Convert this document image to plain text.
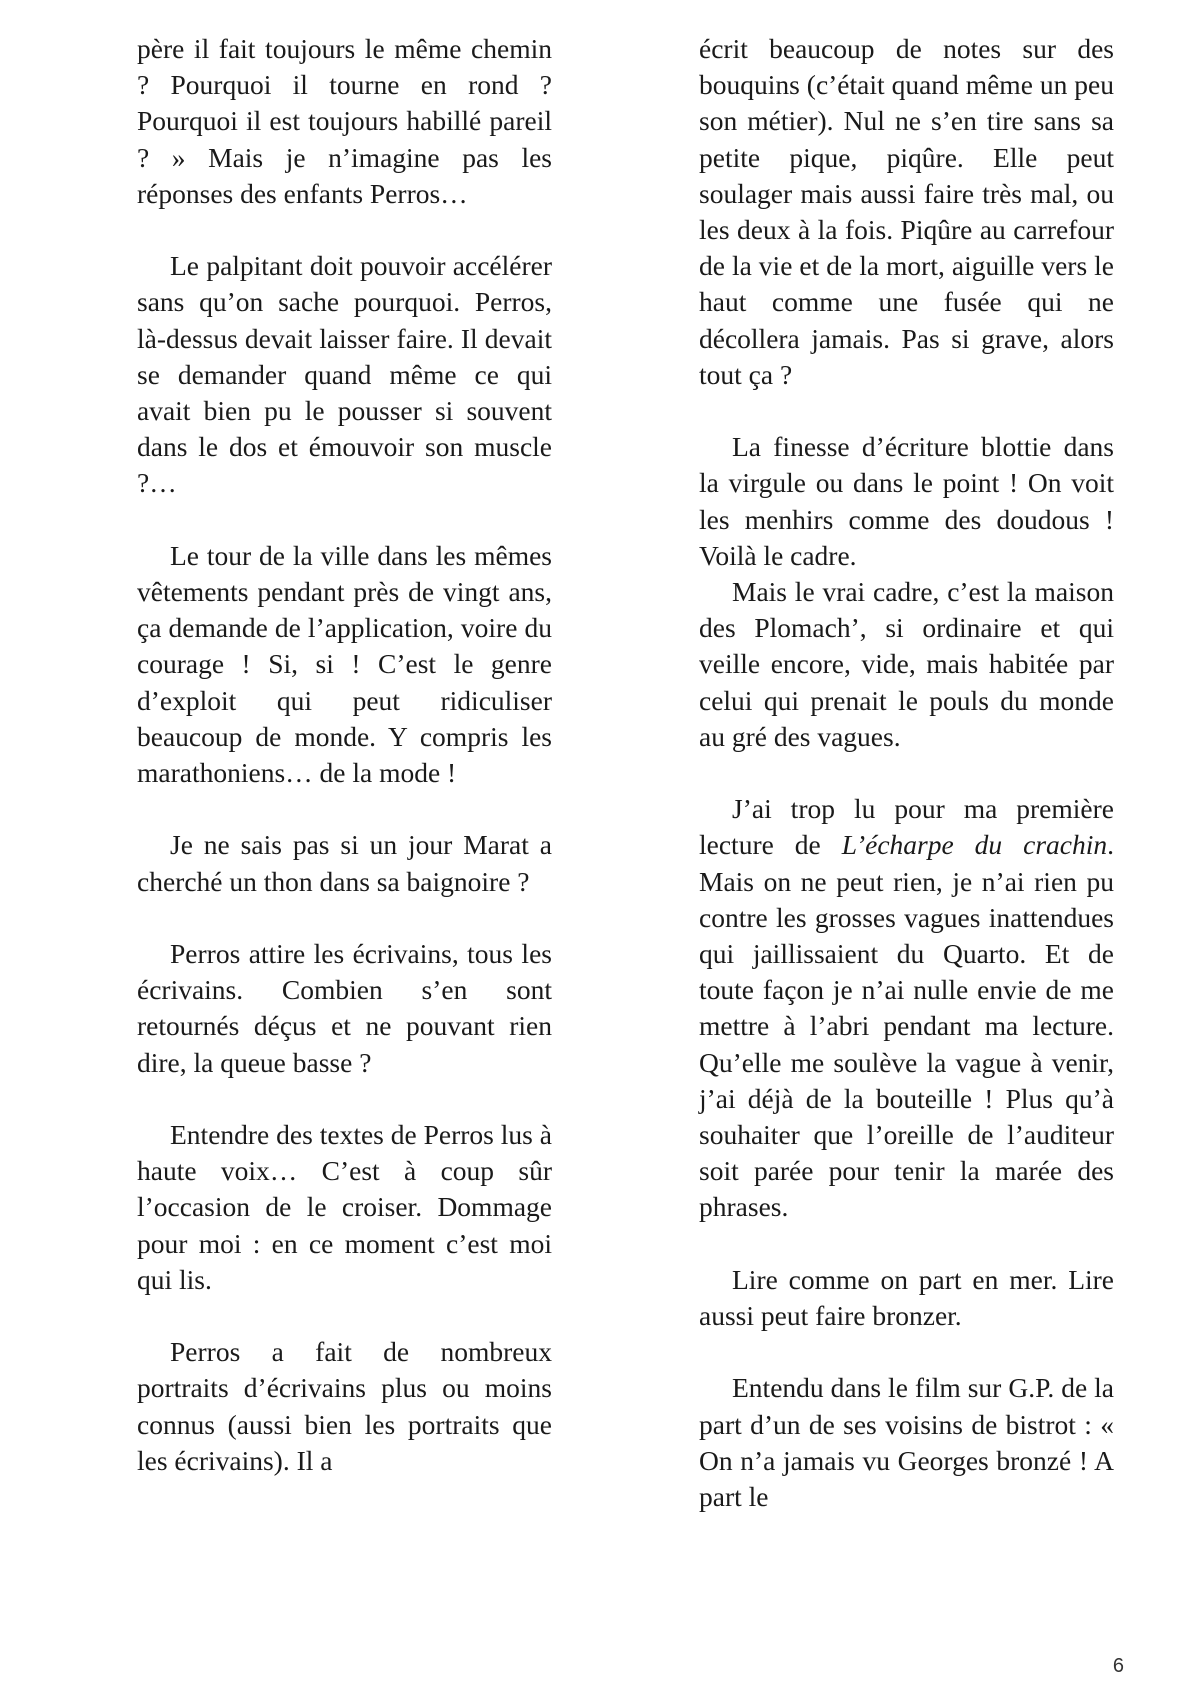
père il fait toujours le même chemin ? Pourquoi il tourne en rond ? Pourquoi il est toujours habillé pareil ? » Mais je n’imagine pas les réponses des enfants Perros…

Le palpitant doit pouvoir accélérer sans qu’on sache pourquoi. Perros, là-dessus devait laisser faire. Il devait se demander quand même ce qui avait bien pu le pousser si souvent dans le dos et émouvoir son muscle ?…

Le tour de la ville dans les mêmes vêtements pendant près de vingt ans, ça demande de l’application, voire du courage ! Si, si ! C’est le genre d’exploit qui peut ridiculiser beaucoup de monde. Y compris les marathoniens… de la mode !

Je ne sais pas si un jour Marat a cherché un thon dans sa baignoire ?

Perros attire les écrivains, tous les écrivains. Combien s’en sont retournés déçus et ne pouvant rien dire, la queue basse ?

Entendre des textes de Perros lus à haute voix… C’est à coup sûr l’occasion de le croiser. Dommage pour moi : en ce moment c’est moi qui lis.

Perros a fait de nombreux portraits d’écrivains plus ou moins connus (aussi bien les portraits que les écrivains). Il a

écrit beaucoup de notes sur des bouquins (c’était quand même un peu son métier). Nul ne s’en tire sans sa petite pique, piqûre. Elle peut soulager mais aussi faire très mal, ou les deux à la fois. Piqûre au carrefour de la vie et de la mort, aiguille vers le haut comme une fusée qui ne décollera jamais. Pas si grave, alors tout ça ?

La finesse d’écriture blottie dans la virgule ou dans le point ! On voit les menhirs comme des doudous ! Voilà le cadre.

Mais le vrai cadre, c’est la maison des Plomach’, si ordinaire et qui veille encore, vide, mais habitée par celui qui prenait le pouls du monde au gré des vagues.

J’ai trop lu pour ma première lecture de L’écharpe du crachin. Mais on ne peut rien, je n’ai rien pu contre les grosses vagues inattendues qui jaillissaient du Quarto. Et de toute façon je n’ai nulle envie de me mettre à l’abri pendant ma lecture. Qu’elle me soulève la vague à venir, j’ai déjà de la bouteille ! Plus qu’à souhaiter que l’oreille de l’auditeur soit parée pour tenir la marée des phrases.

Lire comme on part en mer. Lire aussi peut faire bronzer.

Entendu dans le film sur G.P. de la part d’un de ses voisins de bistrot : « On n’a jamais vu Georges bronzé ! A part le

6
